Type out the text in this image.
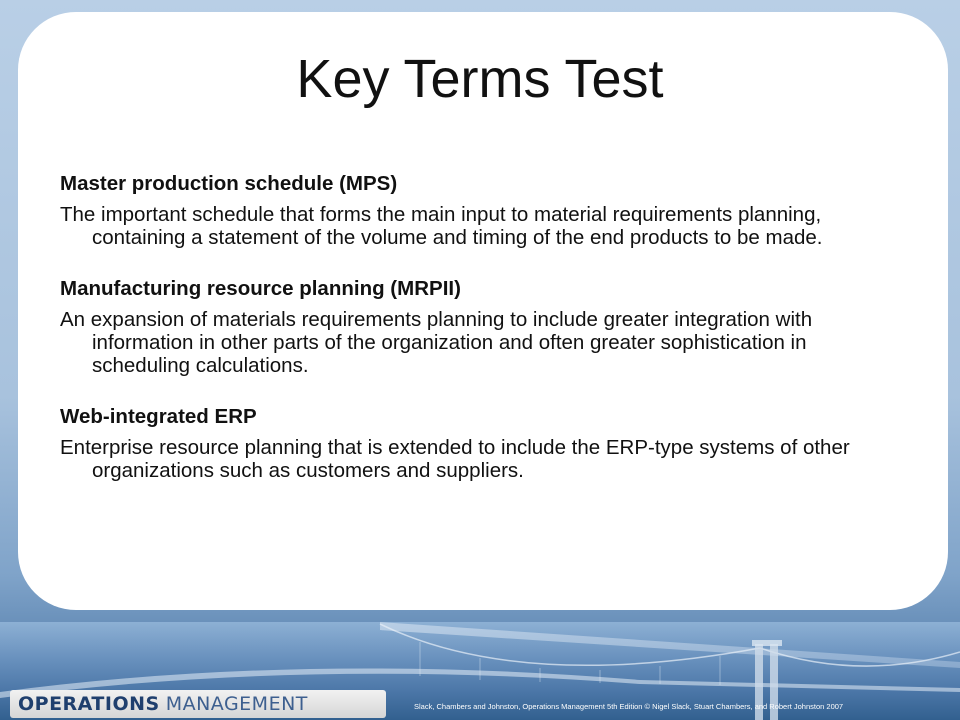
Key Terms Test
Master production schedule (MPS)
The important schedule that forms the main input to material requirements planning, containing a statement of the volume and timing of the end products to be made.
Manufacturing resource planning (MRPII)
An expansion of materials requirements planning to include greater integration with information in other parts of the organization and often greater sophistication in scheduling calculations.
Web-integrated ERP
Enterprise resource planning that is extended to include the ERP-type systems of other organizations such as customers and suppliers.
OPERATIONS MANAGEMENT	Slack, Chambers and Johnston, Operations Management 5th Edition © Nigel Slack, Stuart Chambers, and Robert Johnston 2007
